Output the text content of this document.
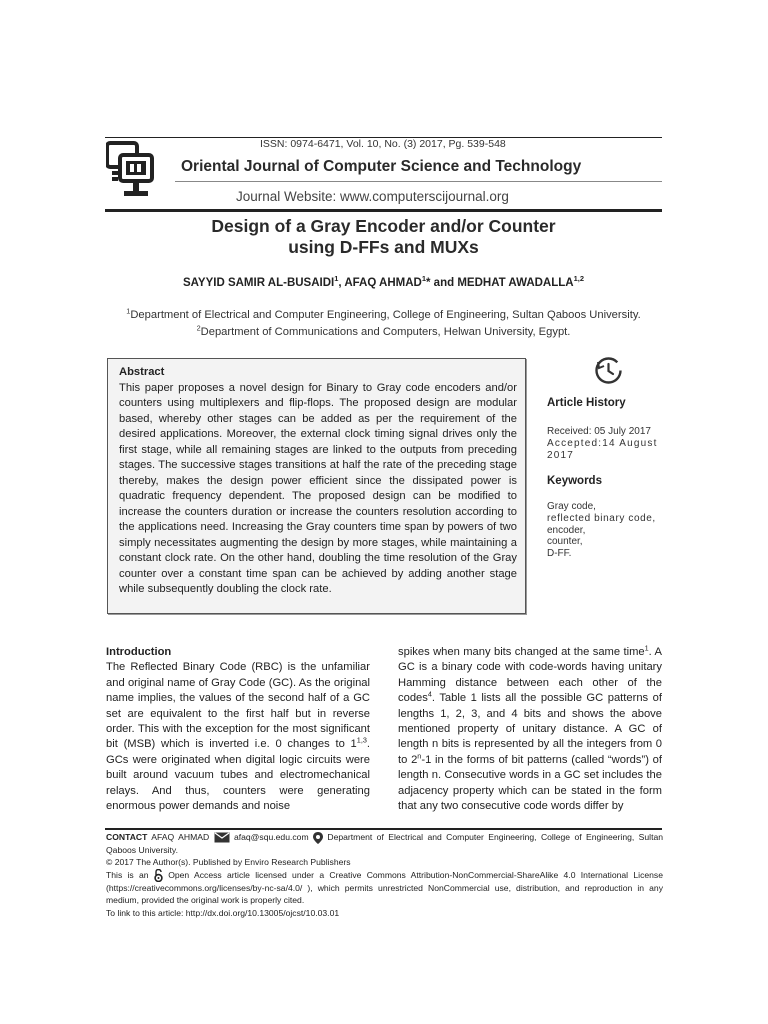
ISSN: 0974-6471, Vol. 10, No. (3) 2017, Pg. 539-548
Oriental Journal of Computer Science and Technology
Journal Website: www.computerscijournal.org
Design of a Gray Encoder and/or Counter
using D-FFs and MUXs
SAYYID SAMIR AL-BUSAIDI$^1$, AFAQ AHMAD$^1$* and MEDHAT AWADALLA$^{1,2}$
$^1$Department of Electrical and Computer Engineering, College of Engineering, Sultan Qaboos University.
$^2$Department of Communications and Computers, Helwan University, Egypt.
Abstract
This paper proposes a novel design for Binary to Gray code encoders and/or counters using multiplexers and flip-flops. The proposed design are modular based, whereby other stages can be added as per the requirement of the desired applications. Moreover, the external clock timing signal drives only the first stage, while all remaining stages are linked to the outputs from preceding stages. The successive stages transitions at half the rate of the preceding stage thereby, makes the design power efficient since the dissipated power is quadratic frequency dependent. The proposed design can be modified to increase the counters duration or increase the counters resolution according to the applications need. Increasing the Gray counters time span by powers of two simply necessitates augmenting the design by more stages, while maintaining a constant clock rate. On the other hand, doubling the time resolution of the Gray counter over a constant time span can be achieved by adding another stage while subsequently doubling the clock rate.
Article History
Received: 05 July 2017
Accepted:14 August 2017
Keywords
Gray code,
reflected binary code,
encoder,
counter,
D-FF.
Introduction
The Reflected Binary Code (RBC) is the unfamiliar and original name of Gray Code (GC). As the original name implies, the values of the second half of a GC set are equivalent to the first half but in reverse order. This with the exception for the most significant bit (MSB) which is inverted i.e. 0 changes to 1$^{1,3}$. GCs were originated when digital logic circuits were built around vacuum tubes and electromechanical relays. And thus, counters were generating enormous power demands and noise
spikes when many bits changed at the same time$^1$. A GC is a binary code with code-words having unitary Hamming distance between each other of the codes$^4$. Table 1 lists all the possible GC patterns of lengths 1, 2, 3, and 4 bits and shows the above mentioned property of unitary distance. A GC of length n bits is represented by all the integers from 0 to 2$^n$-1 in the forms of bit patterns (called “words”) of length n. Consecutive words in a GC set includes the adjacency property which can be stated in the form that any two consecutive code words differ by
CONTACT AFAQ AHMAD	afaq@squ.edu.com Department of Electrical and Computer Engineering, College of Engineering, Sultan Qaboos University.
© 2017 The Author(s). Published by Enviro Research Publishers
This is an Open Access article licensed under a Creative Commons Attribution-NonCommercial-ShareAlike 4.0 International License (https://creativecommons.org/licenses/by-nc-sa/4.0/ ), which permits unrestricted NonCommercial use, distribution, and reproduction in any medium, provided the original work is properly cited.
To link to this article: http://dx.doi.org/10.13005/ojcst/10.03.01
